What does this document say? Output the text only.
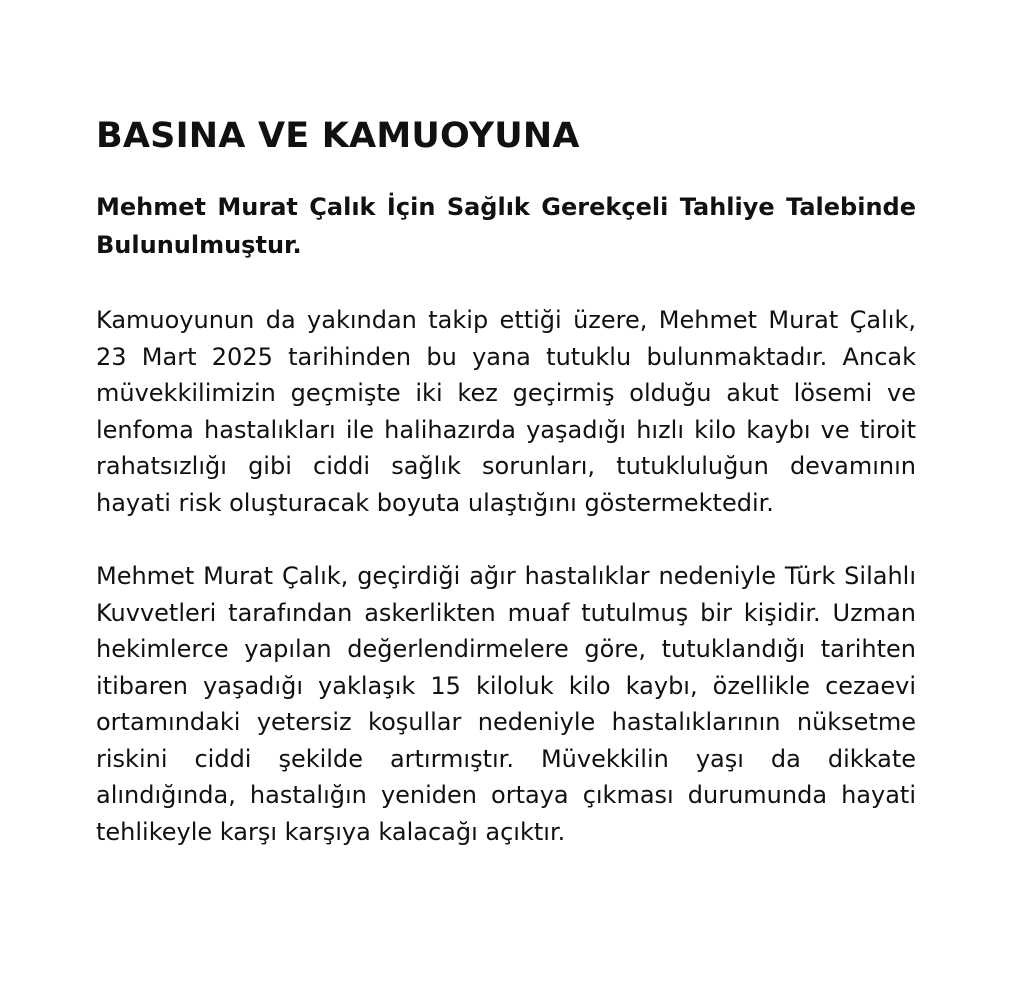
BASINA VE KAMUOYUNA
Mehmet Murat Çalık İçin Sağlık Gerekçeli Tahliye Talebinde Bulunulmuştur.

Kamuoyunun da yakından takip ettiği üzere, Mehmet Murat Çalık, 23 Mart 2025 tarihinden bu yana tutuklu bulunmaktadır. Ancak müvekkilimizin geçmişte iki kez geçirmiş olduğu akut lösemi ve lenfoma hastalıkları ile halihazırda yaşadığı hızlı kilo kaybı ve tiroit rahatsızlığı gibi ciddi sağlık sorunları, tutukluluğun devamının hayati risk oluşturacak boyuta ulaştığını göstermektedir.

Mehmet Murat Çalık, geçirdiği ağır hastalıklar nedeniyle Türk Silahlı Kuvvetleri tarafından askerlikten muaf tutulmuş bir kişidir. Uzman hekimlerce yapılan değerlendirmelere göre, tutuklandığı tarihten itibaren yaşadığı yaklaşık 15 kiloluk kilo kaybı, özellikle cezaevi ortamındaki yetersiz koşullar nedeniyle hastalıklarının nüksetme riskini ciddi şekilde artırmıştır. Müvekkilin yaşı da dikkate alındığında, hastalığın yeniden ortaya çıkması durumunda hayati tehlikeyle karşı karşıya kalacağı açıktır.
